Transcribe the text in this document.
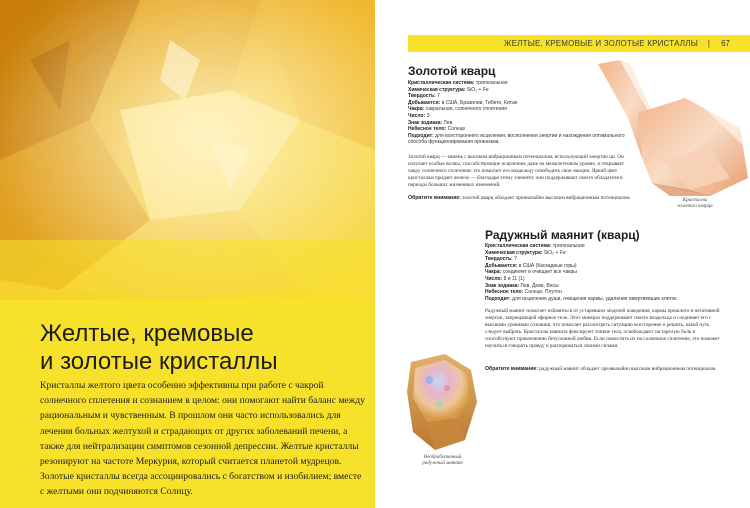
Желтые, кремовые
и золотые кристаллы

Кристаллы желтого цвета особенно эффективны при работе с чакрой солнечного сплетения и сознанием в целом: они помогают найти баланс между рациональным и чувственным. В прошлом они часто использовались для лечения больных желтухой и страдающих от других заболеваний печени, а также для нейтрализации симптомов сезонной депрессии. Желтые кристаллы резонируют на частоте Меркурия, который считается планетой мудрецов. Золотые кристаллы всегда ассоциировались с богатством и изобилием; вместе с желтыми они подчиняются Солнцу.

ЖЕЛТЫЕ, КРЕМОВЫЕ И ЗОЛОТЫЕ КРИСТАЛЛЫ | 67
Золотой кварц
Кристаллическая система: тригональная
Химическая структура: SiO₂ + Fe
Твердость: 7
Добывается: в США, Бразилии, Тибете, Китае
Чакра: сакральная, солнечного сплетения
Число: 3
Знак зодиака: Лев
Небесное тело: Солнце
Подходит: для всестороннего исцеления, восполнения энергии и нахождения оптимального способа функционирования организма.

Золотой кварц — камень с высоким вибрационным потенциалом, использующий энергию ци. Он излучает особые волны, способствующие исцелению даже на межклеточном уровне, и открывает чакру солнечного сплетения: это помогает его владельцу освободить свои эмоции. Яркий цвет кристаллам придает железо — благодаря этому элементу они поддерживают своего обладателя в периоды больших жизненных изменений.

Обратите внимание: золотой кварц обладает чрезвычайно высоким вибрационным потенциалом.	Кристаллы
золотого кварца

Радужный маянит (кварц)
Кристаллическая система: тригональная
Химическая структура: SiO₂ + Fe
Твердость: 7
Добывается: в США (Каскадные горы)
Чакра: соединяет и очищает все чакры
Число: 8 и 11 (1)
Знак зодиака: Лев, Дева, Весы
Небесное тело: Солнце, Плутон
Подходит: для исцеления души, очищения кармы, удаления омертвевших клеток.

Радужный маянит помогает избавиться от устаревших моделей поведения, кармы прошлого и негативной энергии, запрещающей эфирное тело. Этот минерал поддерживает своего владельца и соединяет его с высшими уровнями сознания, что помогает рассмотреть ситуацию всесторонне и решить, какой путь следует выбрать. Кристаллы маянита фиксируют тонкие тела, освобождают застарелую боль и способствуют привлечению безусловной любви. Если поместить их на солнечное сплетение, это поможет научиться говорить правду и распоряжаться своими силами.

Обратите внимание: радужный маянит обладает чрезвычайно высоким вибрационным потенциалом.

Необработанный
радужный маянит
